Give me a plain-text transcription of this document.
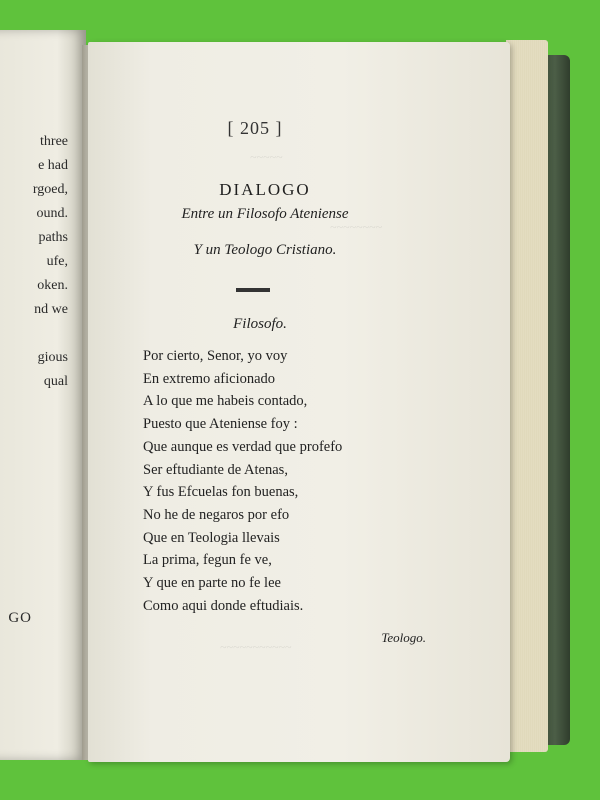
three
e had
rgoed,
ound.
paths
ufe,
oken.
nd we

gious
qual
GO
~~~~~
~~~~~~~~
~~~~~~~~~~~
[ 205 ]
DIALOGO
Entre un Filosofo Ateniense
Y un Teologo Cristiano.
Filosofo.
Por cierto, Senor, yo voy
En extremo aficionado
A lo que me habeis contado,
Puesto que Ateniense foy :
Que aunque es verdad que profefo
Ser eftudiante de Atenas,
Y fus Efcuelas fon buenas,
No he de negaros por efo
Que en Teologia llevais
La prima, fegun fe ve,
Y que en parte no fe lee
Como aqui donde eftudiais.
Teologo.
